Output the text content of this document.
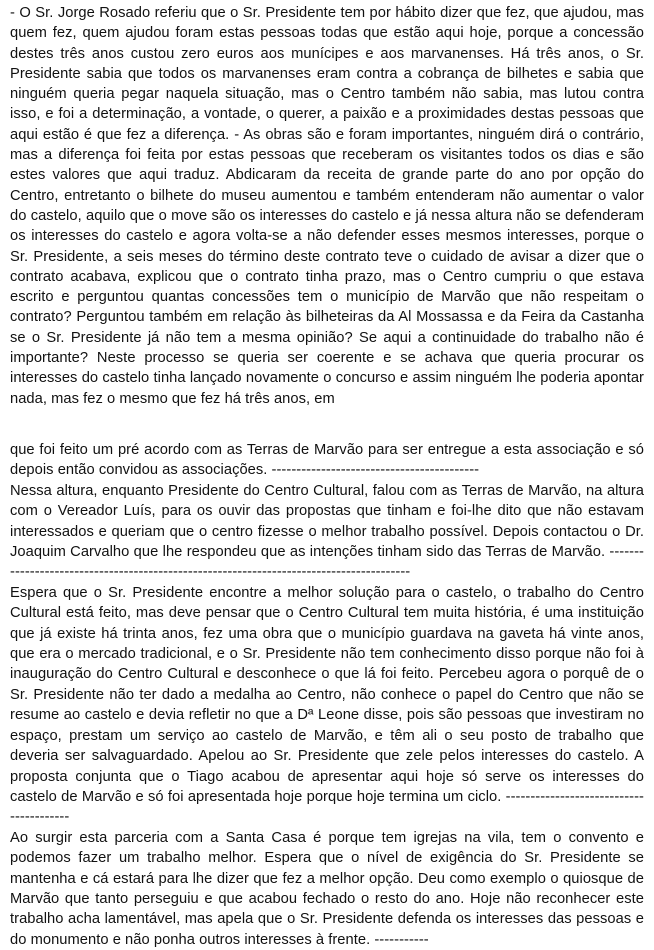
- O Sr. Jorge Rosado referiu que o Sr. Presidente tem por hábito dizer que fez, que ajudou, mas quem fez, quem ajudou foram estas pessoas todas que estão aqui hoje, porque a concessão destes três anos custou zero euros aos munícipes e aos marvanenses. Há três anos, o Sr. Presidente sabia que todos os marvanenses eram contra a cobrança de bilhetes e sabia que ninguém queria pegar naquela situação, mas o Centro também não sabia, mas lutou contra isso, e foi a determinação, a vontade, o querer, a paixão e a proximidades destas pessoas que aqui estão é que fez a diferença. - As obras são e foram importantes, ninguém dirá o contrário, mas a diferença foi feita por estas pessoas que receberam os visitantes todos os dias e são estes valores que aqui traduz. Abdicaram da receita de grande parte do ano por opção do Centro, entretanto o bilhete do museu aumentou e também entenderam não aumentar o valor do castelo, aquilo que o move são os interesses do castelo e já nessa altura não se defenderam os interesses do castelo e agora volta-se a não defender esses mesmos interesses, porque o Sr. Presidente, a seis meses do término deste contrato teve o cuidado de avisar a dizer que o contrato acabava, explicou que o contrato tinha prazo, mas o Centro cumpriu o que estava escrito e perguntou quantas concessões tem o município de Marvão que não respeitam o contrato? Perguntou também em relação às bilheteiras da Al Mossassa e da Feira da Castanha se o Sr. Presidente já não tem a mesma opinião? Se aqui a continuidade do trabalho não é importante? Neste processo se queria ser coerente e se achava que queria procurar os interesses do castelo tinha lançado novamente o concurso e assim ninguém lhe poderia apontar nada, mas fez o mesmo que fez há três anos, em

que foi feito um pré acordo com as Terras de Marvão para ser entregue a esta associação e só depois então convidou as associações. ------------------------------------------

Nessa altura, enquanto Presidente do Centro Cultural, falou com as Terras de Marvão, na altura com o Vereador Luís, para os ouvir das propostas que tinham e foi-lhe dito que não estavam interessados e queriam que o centro fizesse o melhor trabalho possível. Depois contactou o Dr. Joaquim Carvalho que lhe respondeu que as intenções tinham sido das Terras de Marvão. ----------------------------------------------------------------------------------------

Espera que o Sr. Presidente encontre a melhor solução para o castelo, o trabalho do Centro Cultural está feito, mas deve pensar que o Centro Cultural tem muita história, é uma instituição que já existe há trinta anos, fez uma obra que o município guardava na gaveta há vinte anos, que era o mercado tradicional, e o Sr. Presidente não tem conhecimento disso porque não foi à inauguração do Centro Cultural e desconhece o que lá foi feito. Percebeu agora o porquê de o Sr. Presidente não ter dado a medalha ao Centro, não conhece o papel do Centro que não se resume ao castelo e devia refletir no que a Dª Leone disse, pois são pessoas que investiram no espaço, prestam um serviço ao castelo de Marvão, e têm ali o seu posto de trabalho que deveria ser salvaguardado. Apelou ao Sr. Presidente que zele pelos interesses do castelo. A proposta conjunta que o Tiago acabou de apresentar aqui hoje só serve os interesses do castelo de Marvão e só foi apresentada hoje porque hoje termina um ciclo. ----------------------------------------

Ao surgir esta parceria com a Santa Casa é porque tem igrejas na vila, tem o convento e podemos fazer um trabalho melhor. Espera que o nível de exigência do Sr. Presidente se mantenha e cá estará para lhe dizer que fez a melhor opção. Deu como exemplo o quiosque de Marvão que tanto perseguiu e que acabou fechado o resto do ano. Hoje não reconhecer este trabalho acha lamentável, mas apela que o Sr. Presidente defenda os interesses das pessoas e do monumento e não ponha outros interesses à frente. -----------
